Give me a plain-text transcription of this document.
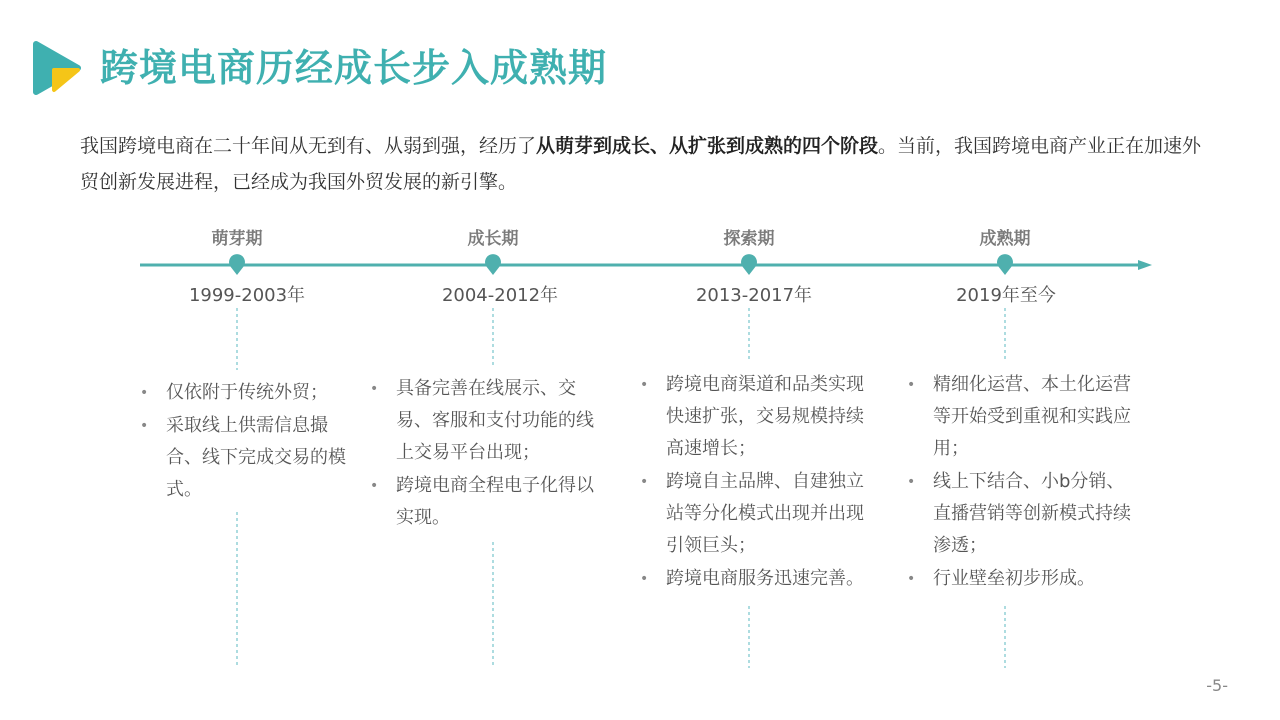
跨境电商历经成长步入成熟期

我国跨境电商在二十年间从无到有、从弱到强，经历了从萌芽到成长、从扩张到成熟的四个阶段。当前，我国跨境电商产业正在加速外贸创新发展进程，已经成为我国外贸发展的新引擎。

萌芽期	成长期	探索期	成熟期
1999-2003年	2004-2012年	2013-2017年	2019年至今
• 仅依附于传统外贸；
• 采取线上供需信息撮合、线下完成交易的模式。
• 具备完善在线展示、交易、客服和支付功能的线上交易平台出现；
• 跨境电商全程电子化得以实现。
• 跨境电商渠道和品类实现快速扩张，交易规模持续高速增长；
• 跨境自主品牌、自建独立站等分化模式出现并出现引领巨头；
• 跨境电商服务迅速完善。
• 精细化运营、本土化运营等开始受到重视和实践应用；
• 线上下结合、小b分销、直播营销等创新模式持续渗透；
• 行业壁垒初步形成。
-5-
